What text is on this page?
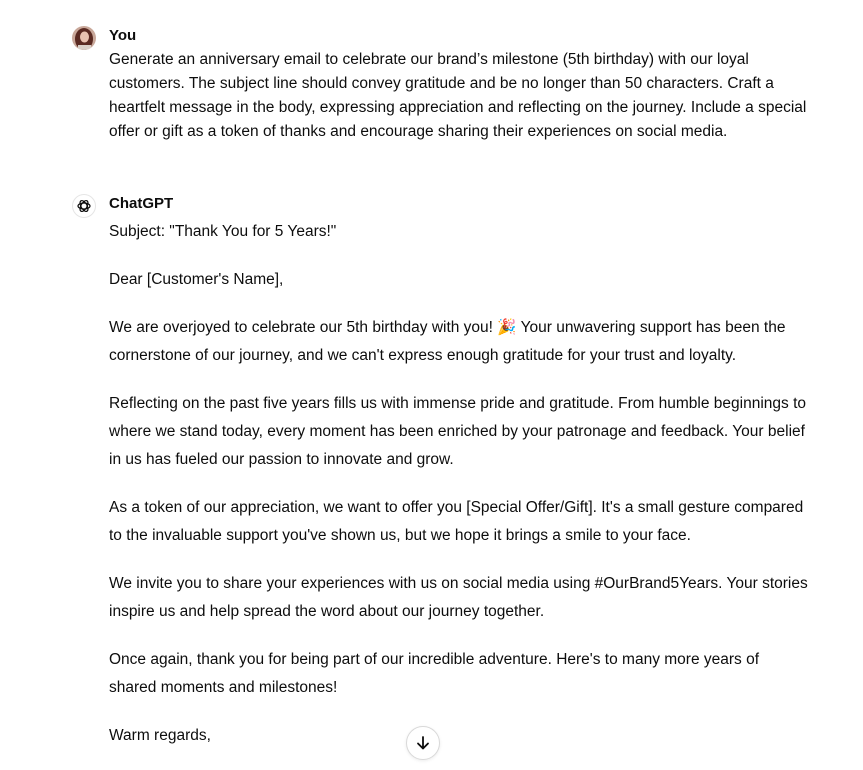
You
Generate an anniversary email to celebrate our brand’s milestone (5th birthday) with our loyal customers. The subject line should convey gratitude and be no longer than 50 characters. Craft a heartfelt message in the body, expressing appreciation and reflecting on the journey. Include a special offer or gift as a token of thanks and encourage sharing their experiences on social media.
ChatGPT

Subject: "Thank You for 5 Years!"

Dear [Customer's Name],

We are overjoyed to celebrate our 5th birthday with you! 🎉 Your unwavering support has been the cornerstone of our journey, and we can't express enough gratitude for your trust and loyalty.

Reflecting on the past five years fills us with immense pride and gratitude. From humble beginnings to where we stand today, every moment has been enriched by your patronage and feedback. Your belief in us has fueled our passion to innovate and grow.

As a token of our appreciation, we want to offer you [Special Offer/Gift]. It's a small gesture compared to the invaluable support you've shown us, but we hope it brings a smile to your face.

We invite you to share your experiences with us on social media using #OurBrand5Years. Your stories inspire us and help spread the word about our journey together.

Once again, thank you for being part of our incredible adventure. Here's to many more years of shared moments and milestones!

Warm regards,
